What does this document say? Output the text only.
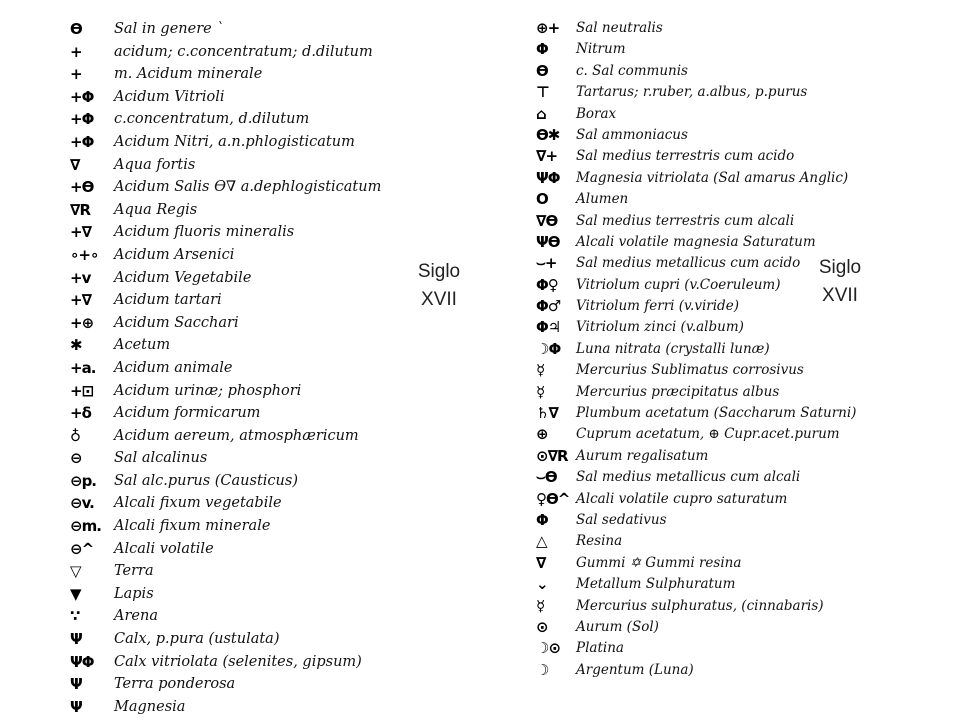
ϴ	Sal in genere `
+	acidum; c.concentratum; d.dilutum
+	m. Acidum minerale
+Φ	Acidum Vitrioli
+Φ	c.concentratum, d.dilutum
+Φ	Acidum Nitri, a.n.phlogisticatum
∇	Aqua fortis
+ϴ	Acidum Salis ϴ∇ a.dephlogisticatum
∇R	Aqua Regis
+∇	Acidum fluoris mineralis
∘+∘	Acidum Arsenici
+v	Acidum Vegetabile
+∇	Acidum tartari
+⊕	Acidum Sacchari
✱	Acetum
+a.	Acidum animale
+⊡	Acidum urinæ; phosphori
+δ	Acidum formicarum
♁	Acidum aereum, atmosphæricum
⊖	Sal alcalinus
⊖p.	Sal alc.purus (Causticus)
⊖v.	Alcali fixum vegetabile
⊖m. Alcali fixum minerale
⊖^	Alcali volatile
▽	Terra
▼	Lapis
∵	Arena
Ψ	Calx, p.pura (ustulata)
ΨΦ	Calx vitriolata (selenites, gipsum)
Ψ	Terra ponderosa
Ψ	Magnesia
Siglo
XVII
⊕+	Sal neutralis
Φ	Nitrum
ϴ	c. Sal communis
⊤	Tartarus; r.ruber, a.albus, p.purus
⌂	Borax
ϴ✱	Sal ammoniacus
∇+	Sal medius terrestris cum acido
ΨΦ	Magnesia vitriolata (Sal amarus Anglic)
O	Alumen
∇ϴ	Sal medius terrestris cum alcali
Ψϴ	Alcali volatile magnesia Saturatum
⌣+	Sal medius metallicus cum acido
Φ♀	Vitriolum cupri (v.Coeruleum)
Φ♂	Vitriolum ferri (v.viride)
Φ♃	Vitriolum zinci (v.album)
☽Φ	Luna nitrata (crystalli lunæ)
☿	Mercurius Sublimatus corrosivus
☿	Mercurius præcipitatus albus
♄∇	Plumbum acetatum (Saccharum Saturni)
⊕	Cuprum acetatum, ⊕ Cupr.acet.purum
⊙∇R Aurum regalisatum
⌣ϴ	Sal medius metallicus cum alcali
♀ϴ^ Alcali volatile cupro saturatum
Φ	Sal sedativus
△	Resina
∇	Gummi ✡ Gummi resina
⌄	Metallum Sulphuratum
☿	Mercurius sulphuratus, (cinnabaris)
⊙	Aurum (Sol)
☽⊙	Platina
☽	Argentum (Luna)
Siglo
XVII
